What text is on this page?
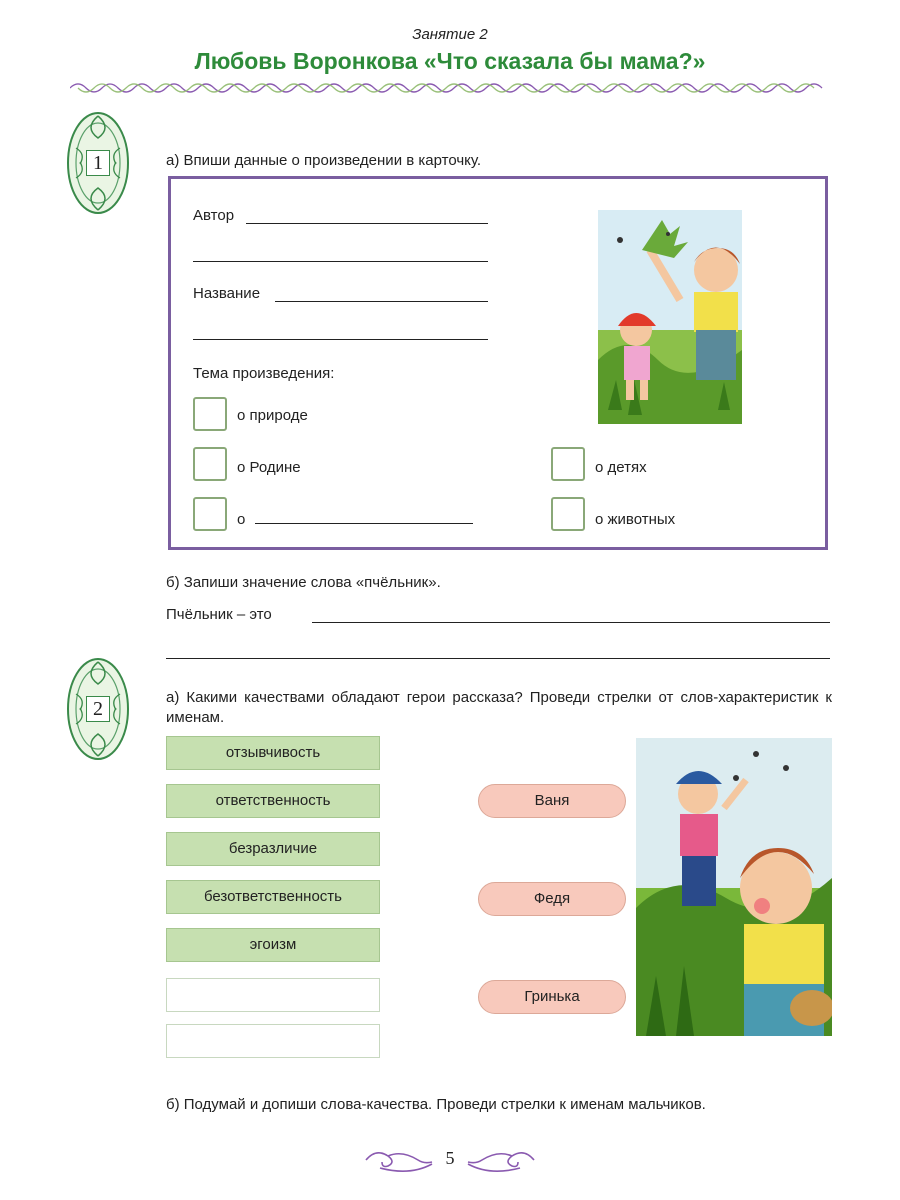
Занятие 2
Любовь Воронкова «Что сказала бы мама?»
1	а) Впиши данные о произведении в карточку.
Автор
Название
Тема произведения:
о природе
о Родине
о
о детях
о животных
б) Запиши значение слова «пчёльник».
Пчёльник – это
2
а) Какими качествами обладают герои рассказа? Проведи стрелки от слов-характеристик к именам.
отзывчивость
ответственность
безразличие
безответственность
эгоизм
Ваня
Федя
Гринька
б) Подумай и допиши слова-качества. Проведи стрелки к именам мальчиков.
5
